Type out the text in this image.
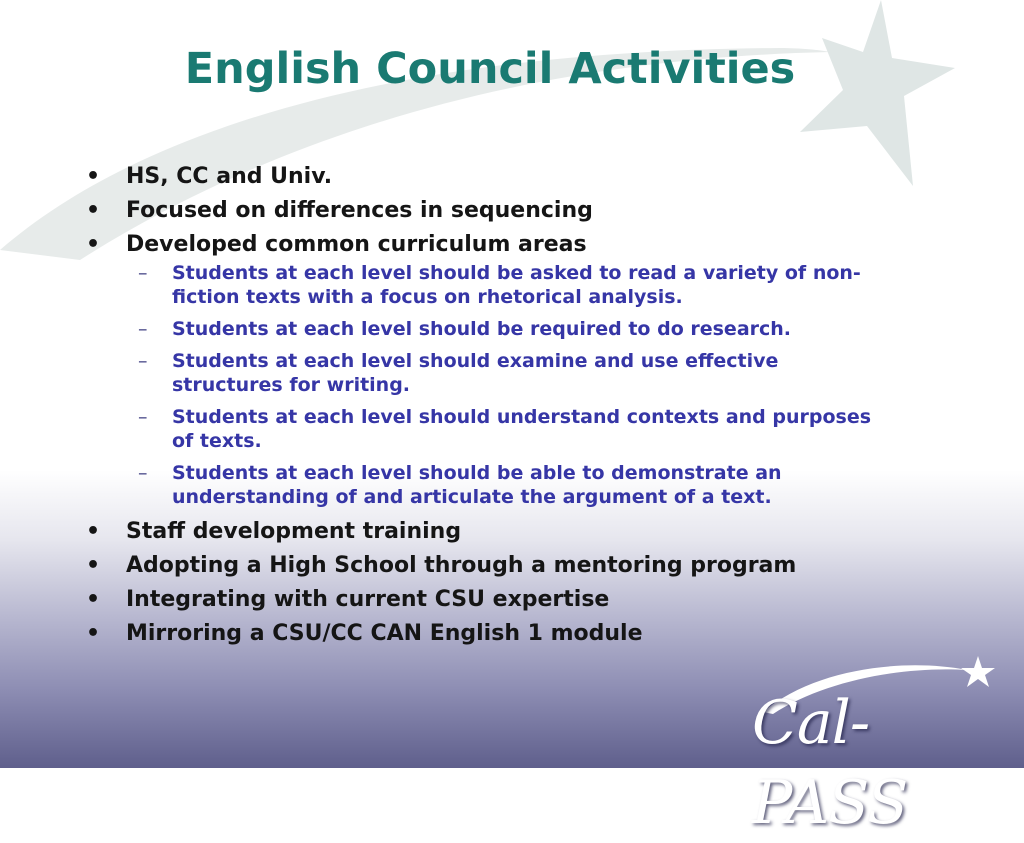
English Council Activities
• HS, CC and Univ.
• Focused on differences in sequencing
• Developed common curriculum areas
– Students at each level should be asked to read a variety of non-fiction texts with a focus on rhetorical analysis.
– Students at each level should be required to do research.
– Students at each level should examine and use effective structures for writing.
– Students at each level should understand contexts and purposes of texts.
– Students at each level should be able to demonstrate an understanding of and articulate the argument of a text.
• Staff development training
• Adopting a High School through a mentoring program
• Integrating with current CSU expertise
• Mirroring a CSU/CC CAN English 1 module
Cal-PASS
